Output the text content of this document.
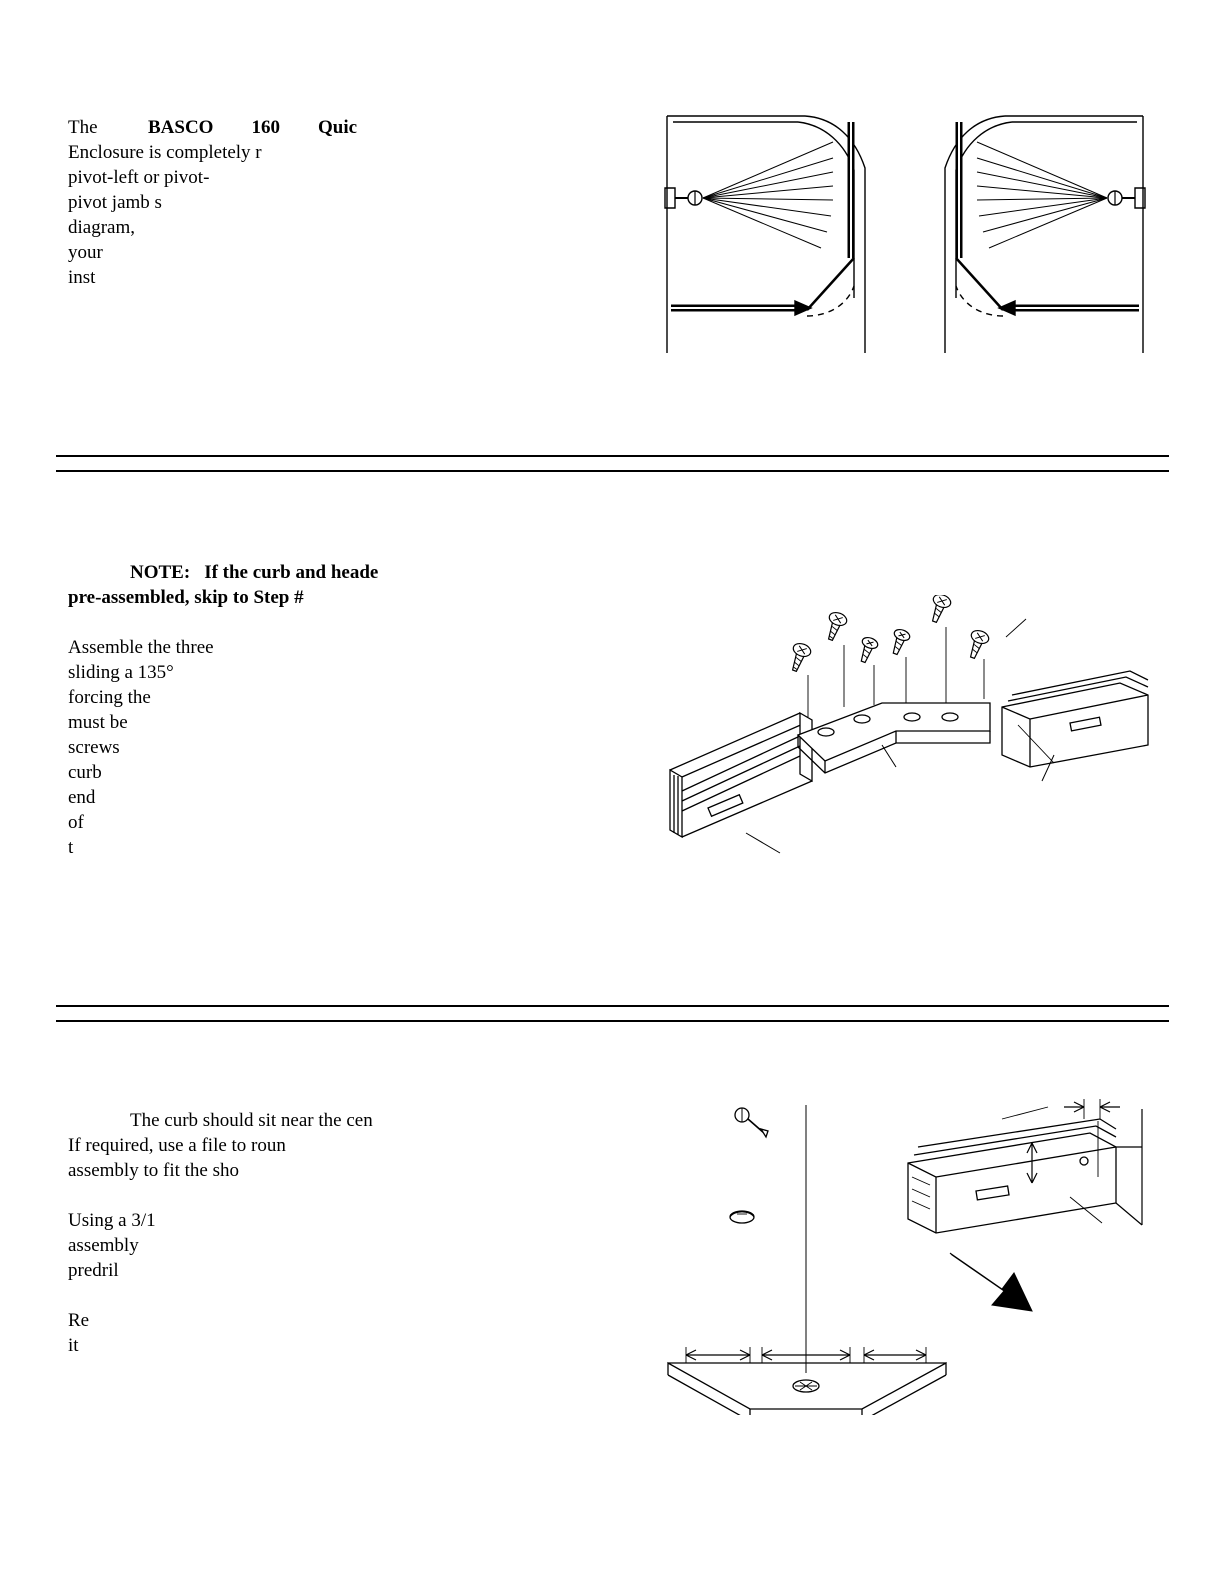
The	BASCO 160 Quic

Enclosure is completely r

pivot-left or pivot-

pivot jamb s

diagram,

your

inst

NOTE: If the curb and heade

pre-assembled, skip to Step #

Assemble the three

sliding a 135°

forcing the

must be

screws

curb

end

of

t

The curb should sit near the cen

If required, use a file to roun

assembly to fit the sho

Using a 3/1

assembly

predril

Re

it
